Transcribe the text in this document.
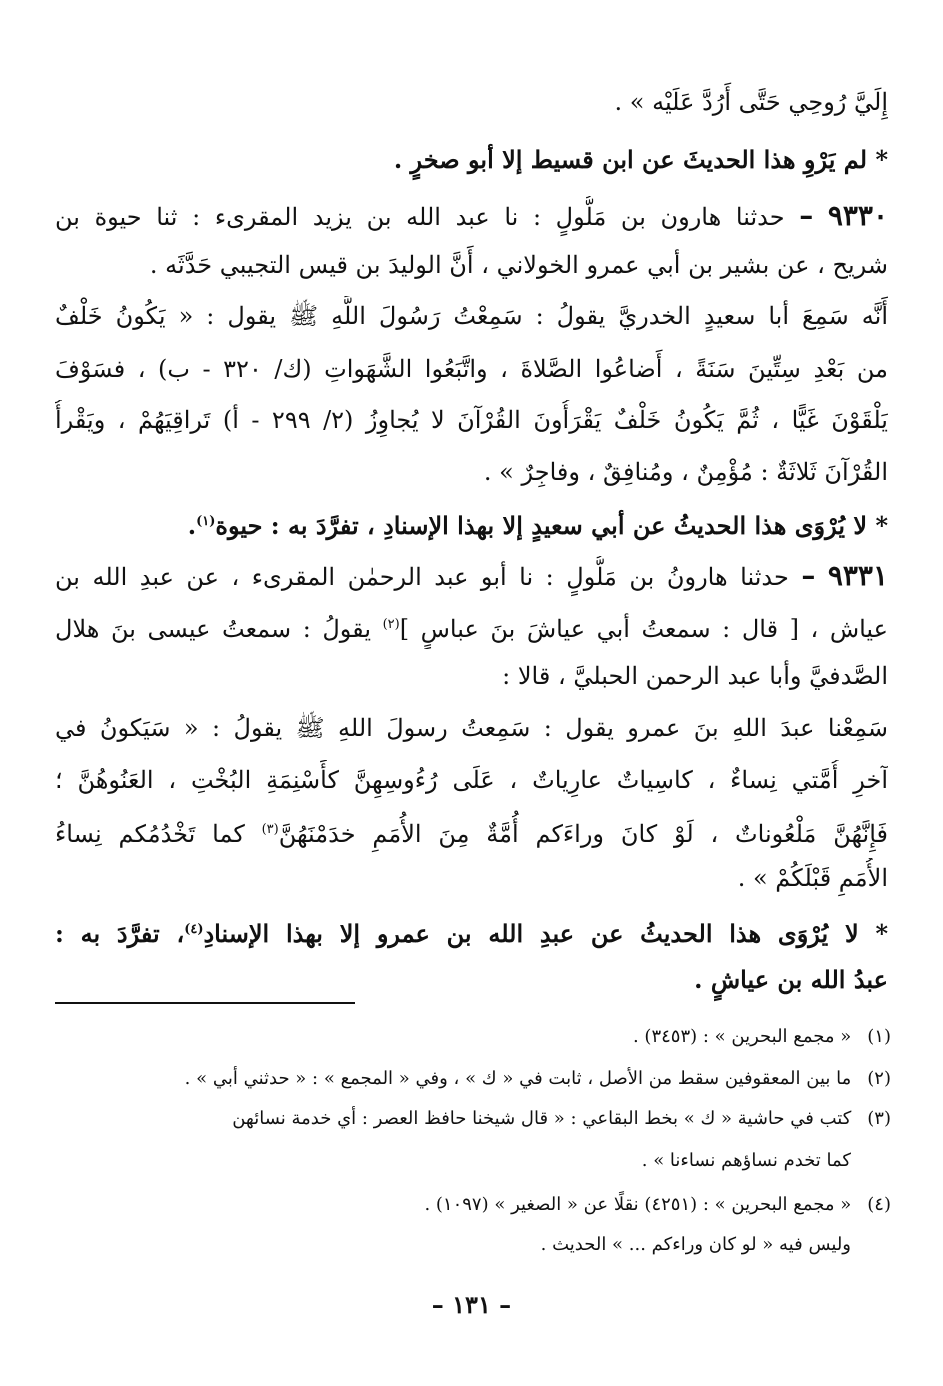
إِلَيَّ رُوحِي حَتَّى أَرُدَّ عَلَيْه » .
* لم يَرْوِ هذا الحديثَ عن ابن قسيط إلا أبو صخرٍ .
٩٣٣٠ – حدثنا هارون بن مَلُّولٍ : نا عبد الله بن يزيد المقرىء : ثنا حيوة بن
شريح ، عن بشير بن أبي عمرو الخولاني ، أَنَّ الوليدَ بن قيس التجيبي حَدَّثَه .
أَنَّه سَمِعَ أبا سعيدٍ الخدريَّ يقولُ : سَمِعْتُ رَسُولَ اللَّهِ ﷺ يقول : « يَكُونُ خَلْفٌ
من بَعْدِ سِتِّينَ سَنَةً ، أَضاعُوا الصَّلاةَ ، واتَّبَعُوا الشَّهَواتِ (ك/ ٣٢٠ - ب) ، فسَوْفَ
يَلْقَوْنَ غَيًّا ، ثُمَّ يَكُونُ خَلْفٌ يَقْرَأُونَ القُرْآنَ لا يُجاوِزُ (٢/ ٢٩٩ - أ) تَراقِيَهُمْ ، ويَقْرأُ
القُرْآنَ ثَلاثَةٌ : مُؤْمِنٌ ، ومُنافِقٌ ، وفاجِرٌ » .
* لا يُرْوَى هذا الحديثُ عن أبي سعيدٍ إلا بهذا الإسنادِ ، تفرَّدَ به : حيوة$^{(١)}$.
٩٣٣١ – حدثنا هارونُ بن مَلُّولٍ : نا أبو عبد الرحمٰن المقرىء ، عن عبدِ الله بن
عياش ، [ قال : سمعتُ أبي عياشَ بنَ عباسٍ ]$^{(٢)}$ يقولُ : سمعتُ عيسى بنَ هلال
الصَّدفيَّ وأبا عبد الرحمن الحبليَّ ، قالا :
سَمِعْنا عبدَ اللهِ بنَ عمرو يقول : سَمِعتُ رسولَ اللهِ ﷺ يقولُ : « سَيَكونُ في
آخرِ أُمَّتي نِساءٌ ، كاسِياتٌ عارِياتٌ ، عَلَى رُءُوسِهِنَّ كأَسْنِمَةِ البُخْتِ ، العَنُوهُنَّ ؛
فَإِنَّهُنَّ مَلْعُوناتٌ ، لَوْ كانَ وراءَكم أُمَّةٌ مِنَ الأُمَمِ خدَمْنَهُنَّ$^{(٣)}$ كما تَخْدُمُكم نِساءُ
الأُمَمِ قَبْلَكُمْ » .
* لا يُرْوَى هذا الحديثُ عن عبدِ الله بن عمرو إلا بهذا الإسنادِ$^{(٤)}$، تفرَّدَ به :
عبدُ الله بن عياشٍ .
(١) « مجمع البحرين » : (٣٤٥٣) .
(٢) ما بين المعقوفين سقط من الأصل ، ثابت في « ك » ، وفي « المجمع » : « حدثني أبي » .
(٣) كتب في حاشية « ك » بخط البقاعي : « قال شيخنا حافظ العصر : أي خدمة نسائهن
كما تخدم نساؤهم نساءنا » .
(٤) « مجمع البحرين » : (٤٢٥١) نقلًا عن « الصغير » (١٠٩٧) .
وليس فيه « لو كان وراءكم ... » الحديث .
– ١٣١ –
